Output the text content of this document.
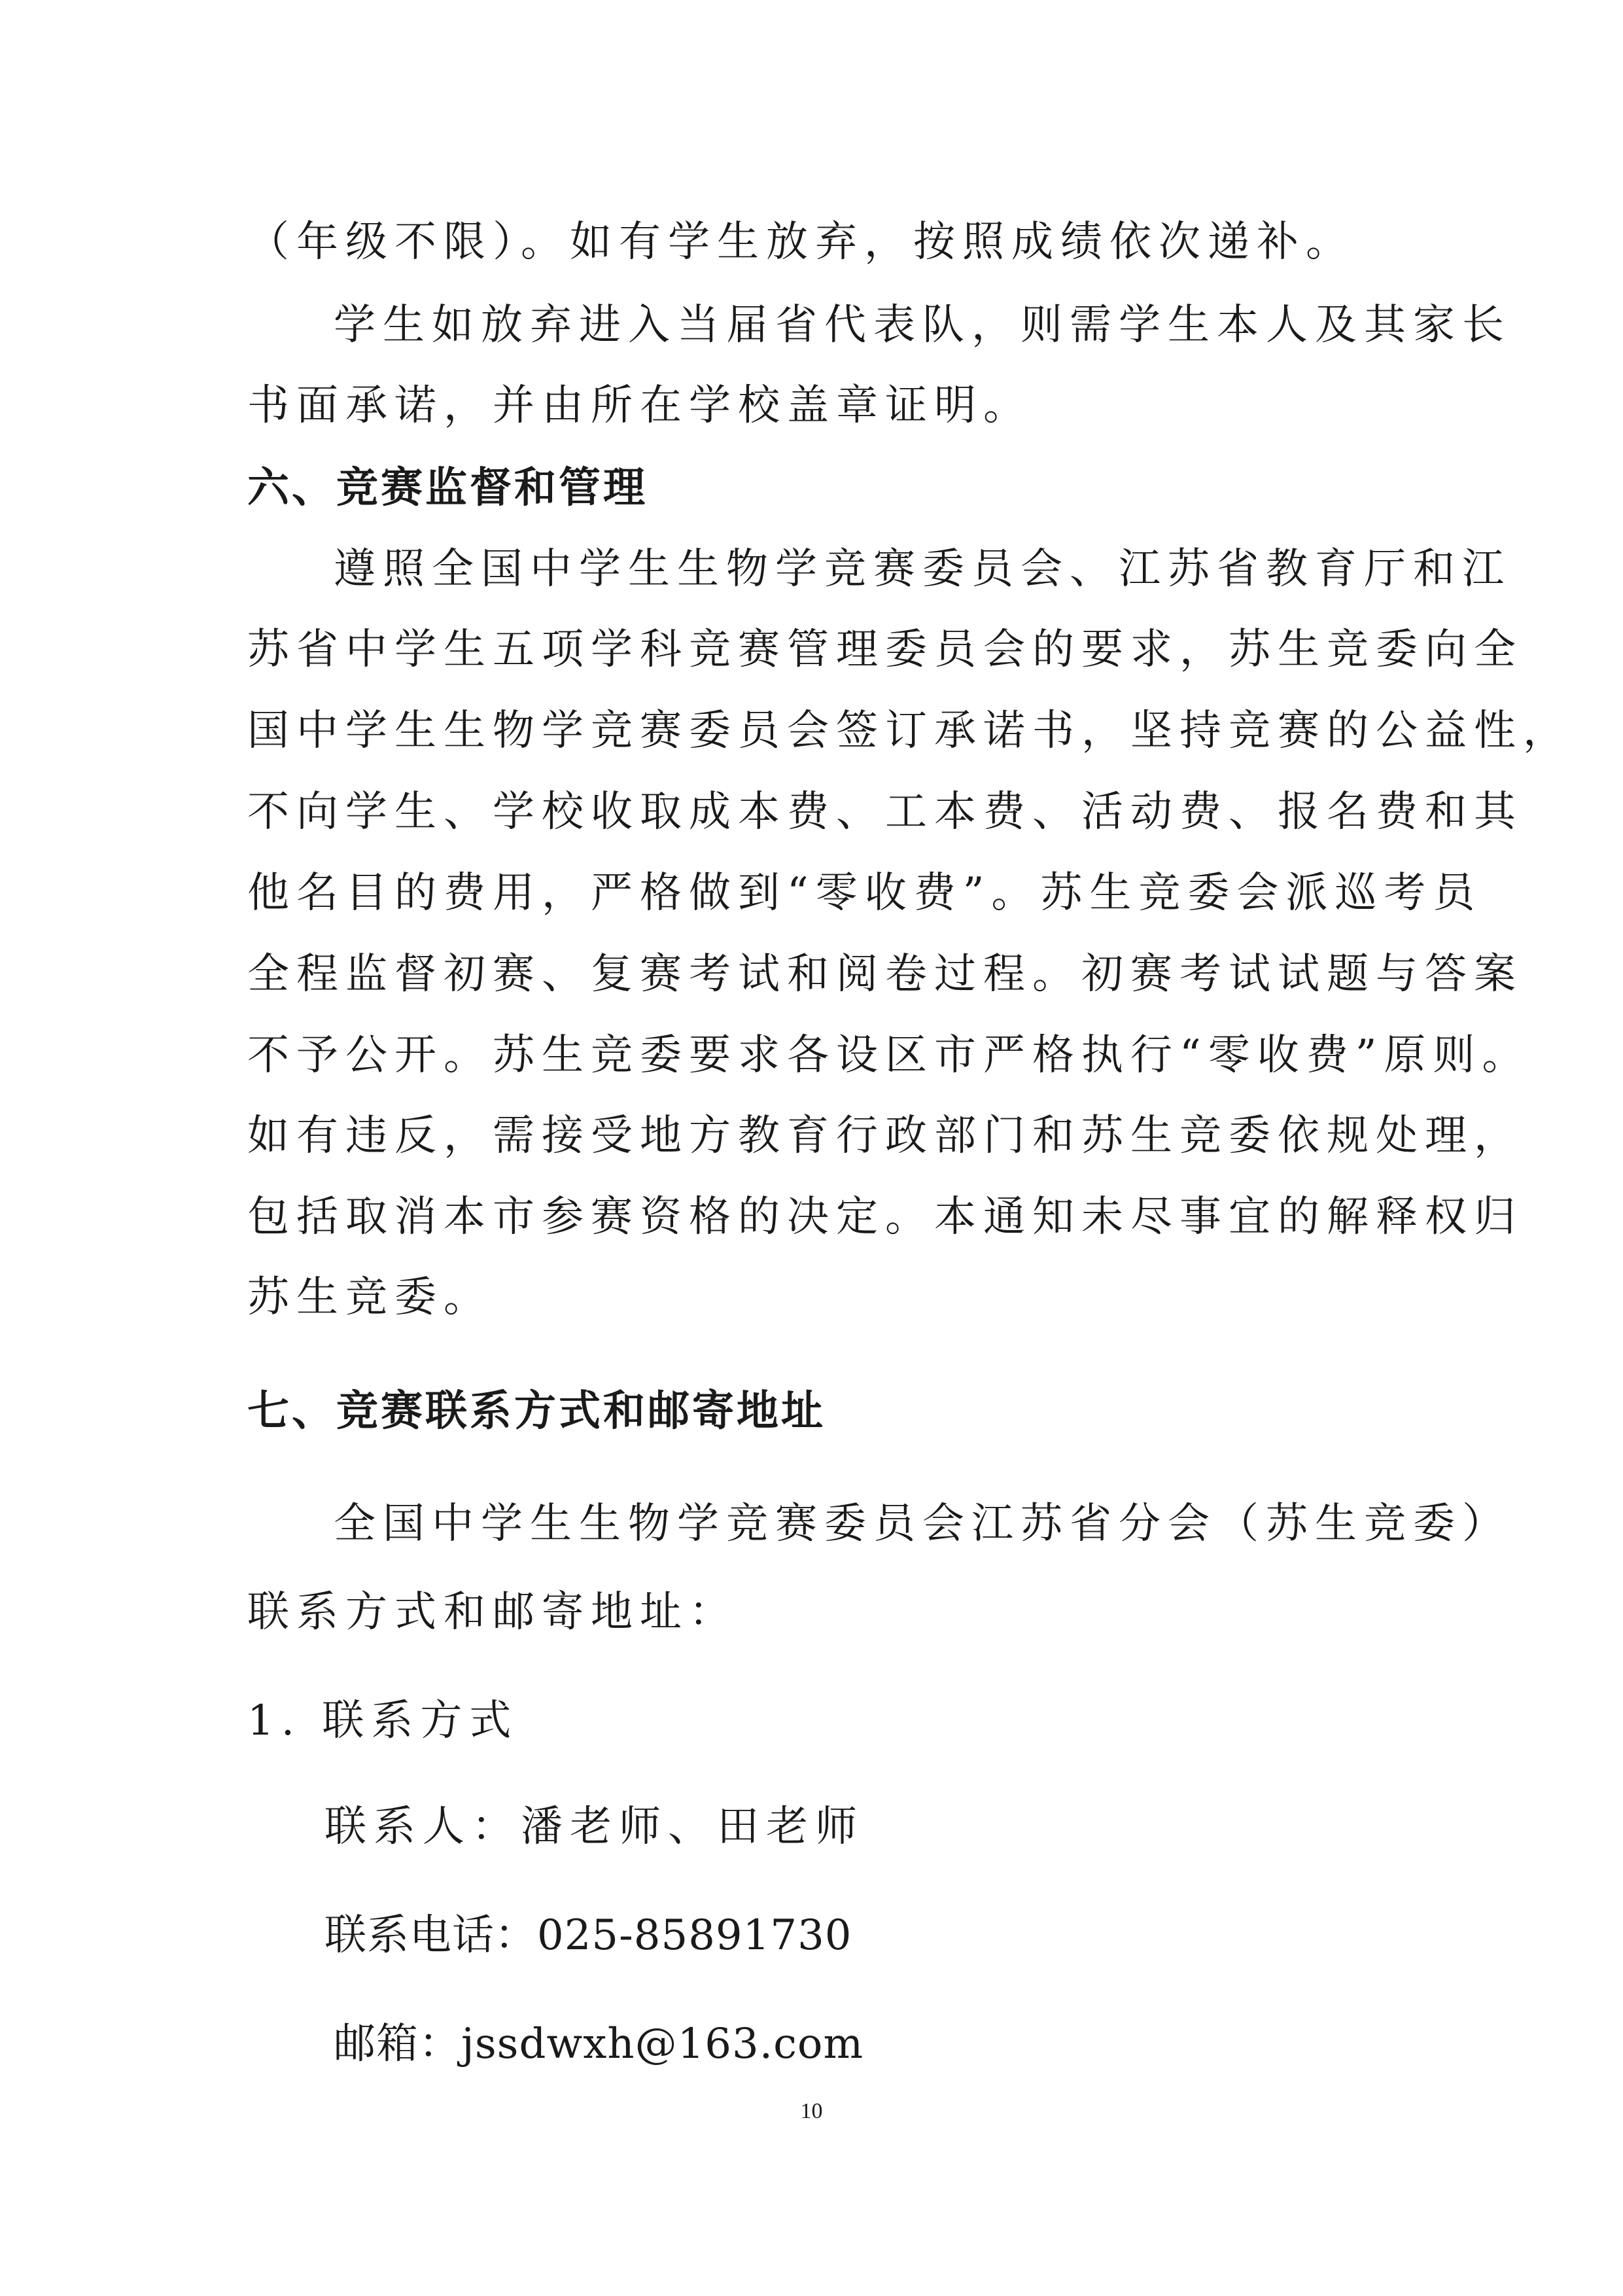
（年级不限）。如有学生放弃，按照成绩依次递补。

学生如放弃进入当届省代表队，则需学生本人及其家长

书面承诺，并由所在学校盖章证明。

六、竞赛监督和管理

遵照全国中学生生物学竞赛委员会、江苏省教育厅和江

苏省中学生五项学科竞赛管理委员会的要求，苏生竞委向全

国中学生生物学竞赛委员会签订承诺书，坚持竞赛的公益性，

不向学生、学校收取成本费、工本费、活动费、报名费和其

他名目的费用，严格做到“零收费”。苏生竞委会派巡考员

全程监督初赛、复赛考试和阅卷过程。初赛考试试题与答案

不予公开。苏生竞委要求各设区市严格执行“零收费”原则。

如有违反，需接受地方教育行政部门和苏生竞委依规处理，

包括取消本市参赛资格的决定。本通知未尽事宜的解释权归

苏生竞委。

七、竞赛联系方式和邮寄地址

全国中学生生物学竞赛委员会江苏省分会（苏生竞委）

联系方式和邮寄地址：

1. 联系方式

联系人：潘老师、田老师

联系电话：025-85891730

邮箱：jssdwxh@163.com

10
